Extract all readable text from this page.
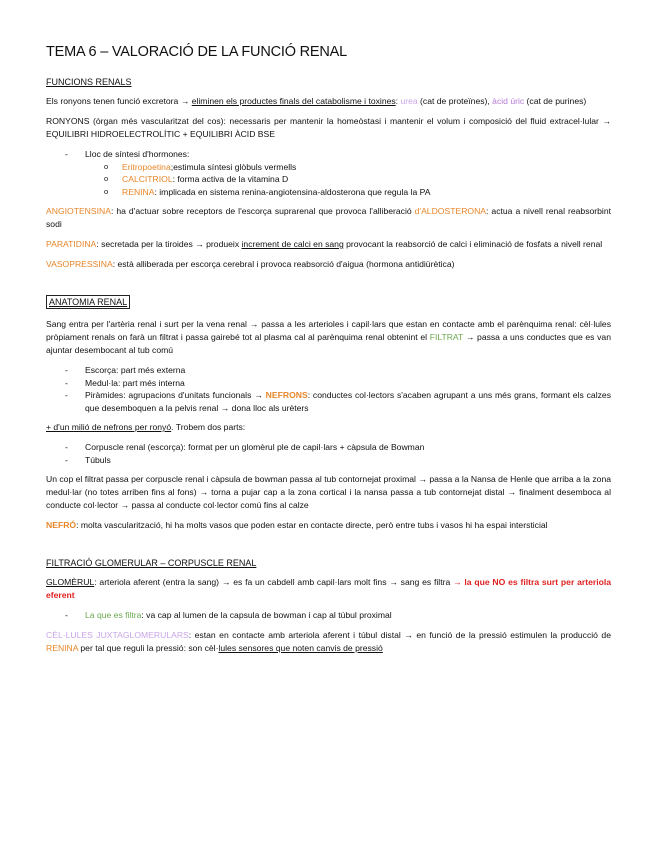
TEMA 6 – VALORACIÓ DE LA FUNCIÓ RENAL
FUNCIONS RENALS

Els ronyons tenen funció excretora → eliminen els productes finals del catabolisme i toxines: urea (cat de proteïnes), àcid úric (cat de purines)

RONYONS (òrgan més vascularitzat del cos): necessaris per mantenir la homeòstasi i mantenir el volum i composició del fluid extracel·lular → EQUILIBRI HIDROELECTROLÍTIC + EQUILIBRI ÀCID BSE

- Lloc de síntesi d'hormones:
o Eritropoetina;estimula síntesi glòbuls vermells
o CALCITRIOL: forma activa de la vitamina D
o RENINA: implicada en sistema renina-angiotensina-aldosterona que regula la PA

ANGIOTENSINA: ha d'actuar sobre receptors de l'escorça suprarenal que provoca l'alliberació d'ALDOSTERONA: actua a nivell renal reabsorbint sodi

PARATIDINA: secretada per la tiroides → produeix increment de calci en sang provocant la reabsorció de calci i eliminació de fosfats a nivell renal

VASOPRESSINA: està alliberada per escorça cerebral i provoca reabsorció d'aigua (hormona antidiürètica)

ANATOMIA RENAL

Sang entra per l'artèria renal i surt per la vena renal → passa a les arterioles i capil·lars que estan en contacte amb el parènquima renal: cèl·lules pròpiament renals on farà un filtrat i passa gairebé tot al plasma cal al parènquima renal obtenint el FILTRAT → passa a uns conductes que es van ajuntar desembocant al tub comú

- Escorça: part més externa
- Medul·la: part més interna
- Piràmides: agrupacions d'unitats funcionals → NEFRONS: conductes col·lectors s'acaben agrupant a uns més grans, formant els calzes que desemboquen a la pelvis renal → dona lloc als urèters

+ d'un milió de nefrons per ronyó. Trobem dos parts:

- Corpuscle renal (escorça): format per un glomèrul ple de capil·lars + càpsula de Bowman
- Túbuls

Un cop el filtrat passa per corpuscle renal i càpsula de bowman passa al tub contornejat proximal → passa a la Nansa de Henle que arriba a la zona medul·lar (no totes arriben fins al fons) → torna a pujar cap a la zona cortical i la nansa passa a tub contornejat distal → finalment desemboca al conducte col·lector → passa al conducte col·lector comú fins al calze

NEFRÓ: molta vascularització, hi ha molts vasos que poden estar en contacte directe, però entre tubs i vasos hi ha espai intersticial

FILTRACIÓ GLOMERULAR – CORPUSCLE RENAL

GLOMÈRUL: arteriola aferent (entra la sang) → es fa un cabdell amb capil·lars molt fins → sang es filtra → la que NO es filtra surt per arteriola eferent

- La que es filtra: va cap al lumen de la capsula de bowman i cap al túbul proximal

CÈL·LULES JUXTAGLOMERULARS: estan en contacte amb arteriola aferent i túbul distal → en funció de la pressió estimulen la producció de RENINA per tal que reguli la pressió: son cèl·lules sensores que noten canvis de pressió
